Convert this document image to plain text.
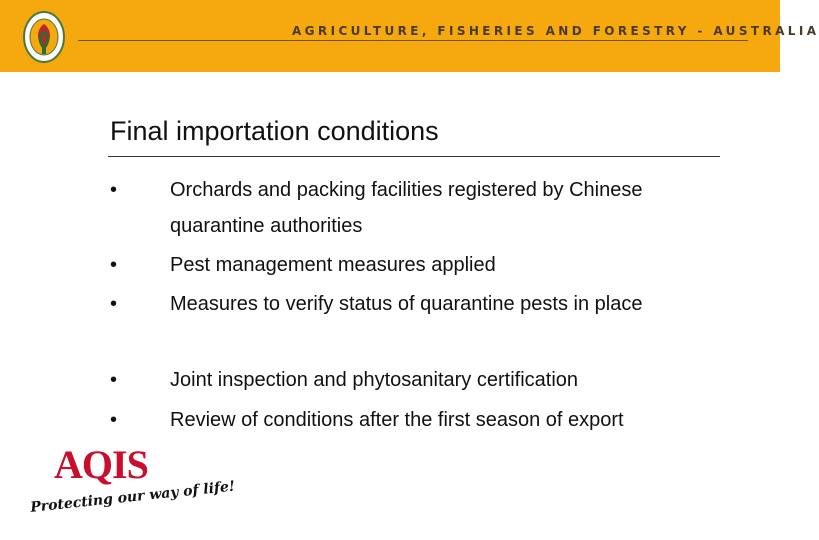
AGRICULTURE, FISHERIES AND FORESTRY - AUSTRALIA
Final importation conditions
•	Orchards and packing facilities registered by Chinese quarantine authorities
•	Pest management measures applied
•	Measures to verify status of quarantine pests in place
•	Joint inspection and phytosanitary certification
•	Review of conditions after the first season of export
AQIS
Protecting our way of life!
